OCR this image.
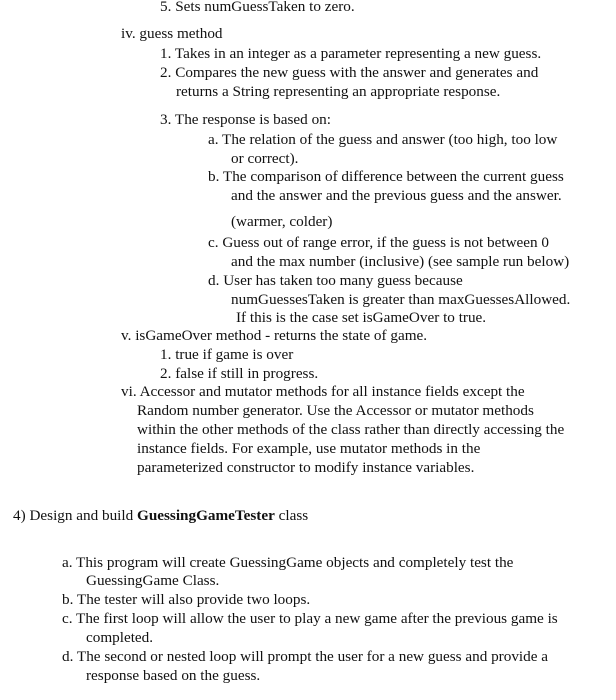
5. Sets numGuessTaken to zero.
iv. guess method
1. Takes in an integer as a parameter representing a new guess.
2. Compares the new guess with the answer and generates and
returns a String representing an appropriate response.
3. The response is based on:
a. The relation of the guess and answer (too high, too low
or correct).
b. The comparison of difference between the current guess
and the answer and the previous guess and the answer.
(warmer, colder)
c. Guess out of range error, if the guess is not between 0
and the max number (inclusive) (see sample run below)
d. User has taken too many guess because
numGuessesTaken is greater than maxGuessesAllowed.
If this is the case set isGameOver to true.
v. isGameOver method - returns the state of game.
1. true if game is over
2. false if still in progress.
vi. Accessor and mutator methods for all instance fields except the
Random number generator. Use the Accessor or mutator methods
within the other methods of the class rather than directly accessing the
instance fields. For example, use mutator methods in the
parameterized constructor to modify instance variables.
4) Design and build GuessingGameTester class
a. This program will create GuessingGame objects and completely test the
GuessingGame Class.
b. The tester will also provide two loops.
c. The first loop will allow the user to play a new game after the previous game is
completed.
d. The second or nested loop will prompt the user for a new guess and provide a
response based on the guess.
